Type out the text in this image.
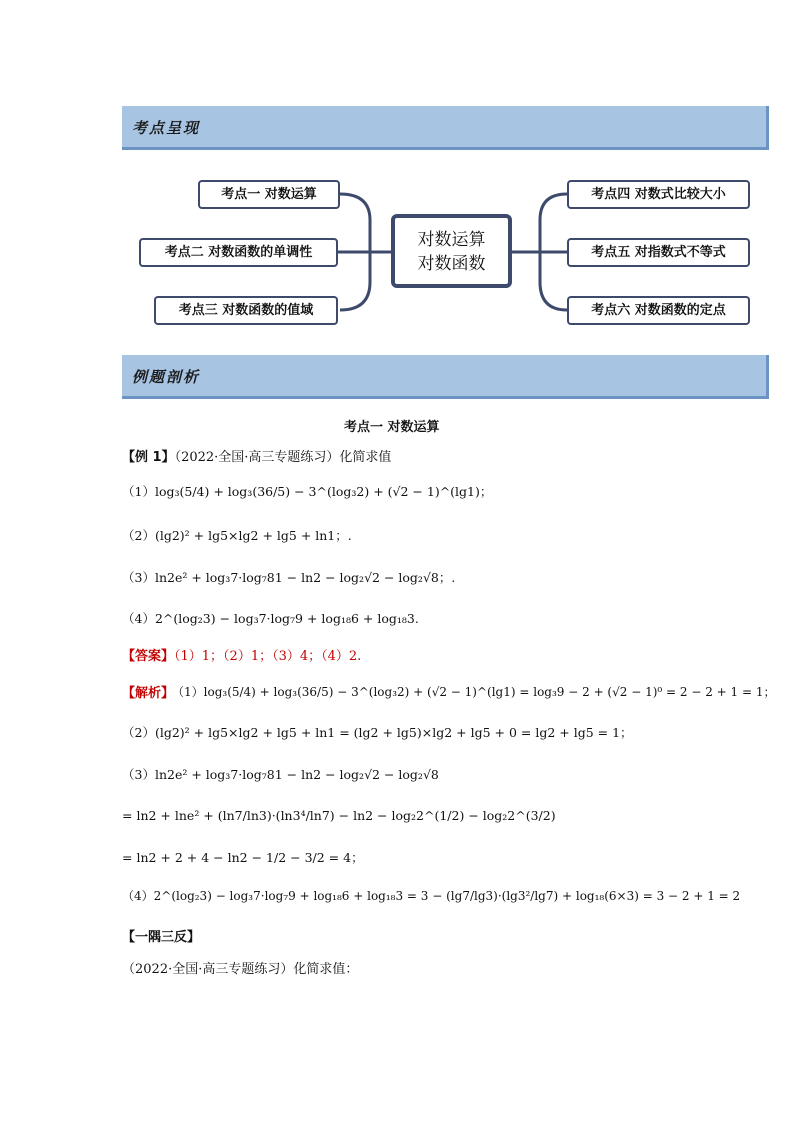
考点呈现
对数运算
对数函数
考点一 对数运算
考点二 对数函数的单调性
考点三 对数函数的值域
考点四 对数式比较大小
考点五 对指数式不等式
考点六 对数函数的定点
例题剖析
考点一 对数运算
【例 1】（2022·全国·高三专题练习）化简求值
（1）log₃(5/4) + log₃(36/5) − 3^(log₃2) + (√2 − 1)^(lg1)；
（2）(lg2)² + lg5×lg2 + lg5 + ln1；.
（3）ln2e² + log₃7·log₇81 − ln2 − log₂√2 − log₂√8；.
（4）2^(log₂3) − log₃7·log₇9 + log₁₈6 + log₁₈3.
【答案】（1）1；（2）1；（3）4；（4）2.
【解析】
（1）log₃(5/4) + log₃(36/5) − 3^(log₃2) + (√2 − 1)^(lg1) = log₃9 − 2 + (√2 − 1)⁰ = 2 − 2 + 1 = 1；
（2）(lg2)² + lg5×lg2 + lg5 + ln1 = (lg2 + lg5)×lg2 + lg5 + 0 = lg2 + lg5 = 1；
（3）ln2e² + log₃7·log₇81 − ln2 − log₂√2 − log₂√8
= ln2 + lne² + (ln7/ln3)·(ln3⁴/ln7) − ln2 − log₂2^(1/2) − log₂2^(3/2)
= ln2 + 2 + 4 − ln2 − 1/2 − 3/2 = 4；
（4）2^(log₂3) − log₃7·log₇9 + log₁₈6 + log₁₈3 = 3 − (lg7/lg3)·(lg3²/lg7) + log₁₈(6×3) = 3 − 2 + 1 = 2
【一隅三反】
（2022·全国·高三专题练习）化简求值：
